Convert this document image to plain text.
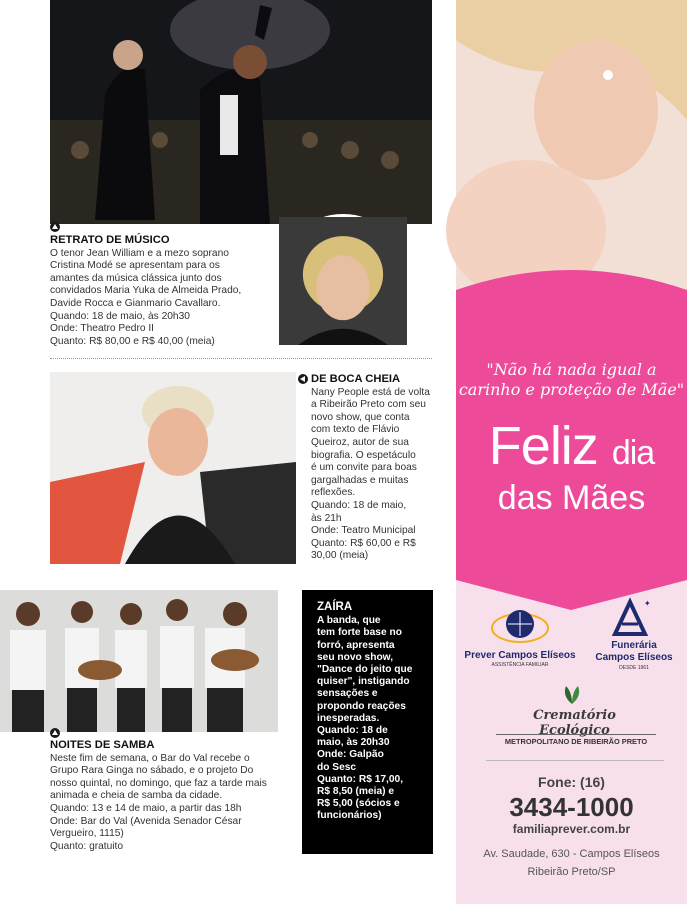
RETRATO DE MÚSICO

O tenor Jean William e a mezo soprano

Cristina Modé se apresentam para os

amantes da música clássica junto dos

convidados Maria Yuka de Almeida Prado,

Davide Rocca e Gianmario Cavallaro.

Quando: 18 de maio, às 20h30

Onde: Theatro Pedro II

Quanto: R$ 80,00 e R$ 40,00 (meia)

DE BOCA CHEIA

Nany People está de volta

a Ribeirão Preto com seu

novo show, que conta

com texto de Flávio

Queiroz, autor de sua

biografia. O espetáculo

é um convite para boas

gargalhadas e muitas

reflexões.

Quando: 18 de maio,

às 21h

Onde: Teatro Municipal

Quanto: R$ 60,00 e R$

30,00 (meia)

NOITES DE SAMBA

Neste fim de semana, o Bar do Val recebe o

Grupo Rara Ginga no sábado, e o projeto Do

nosso quintal, no domingo, que faz a tarde mais

animada e cheia de samba da cidade.

Quando: 13 e 14 de maio, a partir das 18h

Onde: Bar do Val (Avenida Senador César

Vergueiro, 1115)

Quanto: gratuito

ZAÍRA

A banda, que

tem forte base no

forró, apresenta

seu novo show,

"Dance do jeito que

quiser", instigando

sensações e

propondo reações

inesperadas.

Quando: 18 de

maio, às 20h30

Onde: Galpão

do Sesc

Quanto: R$ 17,00,

R$ 8,50 (meia) e

R$ 5,00 (sócios e

funcionários)

"Não há nada igual a
carinho e proteção de Mãe"
Feliz dia
das Mães
Prever Campos Elíseos
ASSISTÊNCIA FAMILIAR
✦
Funerária
Campos Elíseos
DESDE 1961
Crematório Ecológico
METROPOLITANO DE RIBEIRÃO PRETO
Fone: (16)
3434-1000
familiaprever.com.br
Av. Saudade, 630 - Campos Elíseos
Ribeirão Preto/SP
